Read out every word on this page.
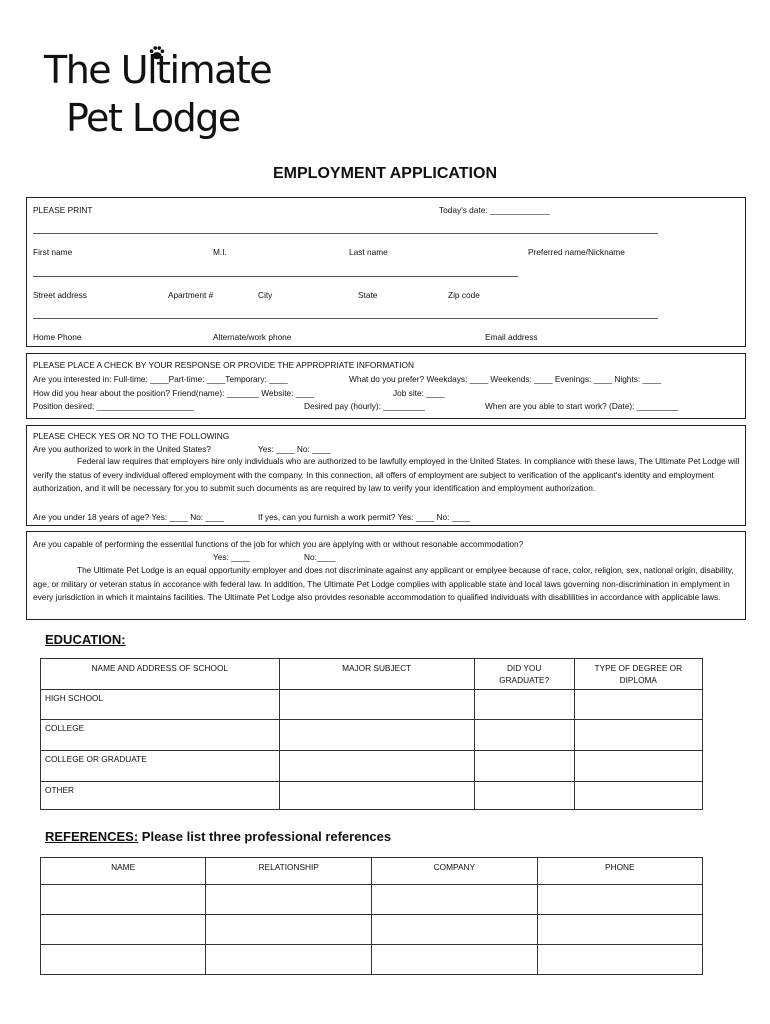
The Ultimate
Pet Lodge
EMPLOYMENT APPLICATION
PLEASE PRINT	Today's date: _____________
First name	M.I.	Last name	Preferred name/Nickname
Street address	Apartment #	City	State	Zip code
Home Phone	Alternate/work phone	Email address
PLEASE PLACE A CHECK BY YOUR RESPONSE OR PROVIDE THE APPROPRIATE INFORMATION
Are you interested in: Full-time: ____Part-time: ____Temporary: ____	What do you prefer? Weekdays: ____ Weekends: ____ Evenings: ____ Nights: ____
How did you hear about the position? Friend(name): _______ Website: ____	Job site: ____
Position desired: _____________________	Desired pay (hourly): _________	When are you able to start work? (Date): _________
PLEASE CHECK YES OR NO TO THE FOLLOWING
Are you authorized to work in the United States?	Yes: ____ No: ____
Federal law requires that employers hire only individuals who are authorized to be lawfully employed in the United States. In compliance with these laws, The Ultimate Pet Lodge will verify the status of every individual offered employment with the company. In this connection, all offers of employment are subject to verification of the applicant's identity and employment authorization, and it will be necessary for you to submit such documents as are required by law to verify your identification and employment authorization.
Are you under 18 years of age? Yes: ____ No: ____	If yes, can you furnish a work permit? Yes: ____ No: ____
Are you capable of performing the essential functions of the job for which you are applying with or without resonable accommodation?
Yes: ____	No:____
The Ultimate Pet Lodge is an equal opportunity employer and does not discriminate against any applicant or emplyee because of race, color, religion, sex, national origin, disability, age, or military or veteran status in accorance with federal law. In addition, The Ultimate Pet Lodge complies with applicable state and local laws governing non-discrimination in emplyment in every jurisdiction in which it maintains facilities. The Ultimate Pet Lodge also provides resonable accommodation to qualified individuals with disablilities in accordance with applicable laws.
EDUCATION:
NAME AND ADDRESS OF SCHOOL	MAJOR SUBJECT	DID YOU GRADUATE?	TYPE OF DEGREE OR DIPLOMA
HIGH SCHOOL			
COLLEGE			
COLLEGE OR GRADUATE			
OTHER			
REFERENCES: Please list three professional references
NAME	RELATIONSHIP	COMPANY	PHONE
